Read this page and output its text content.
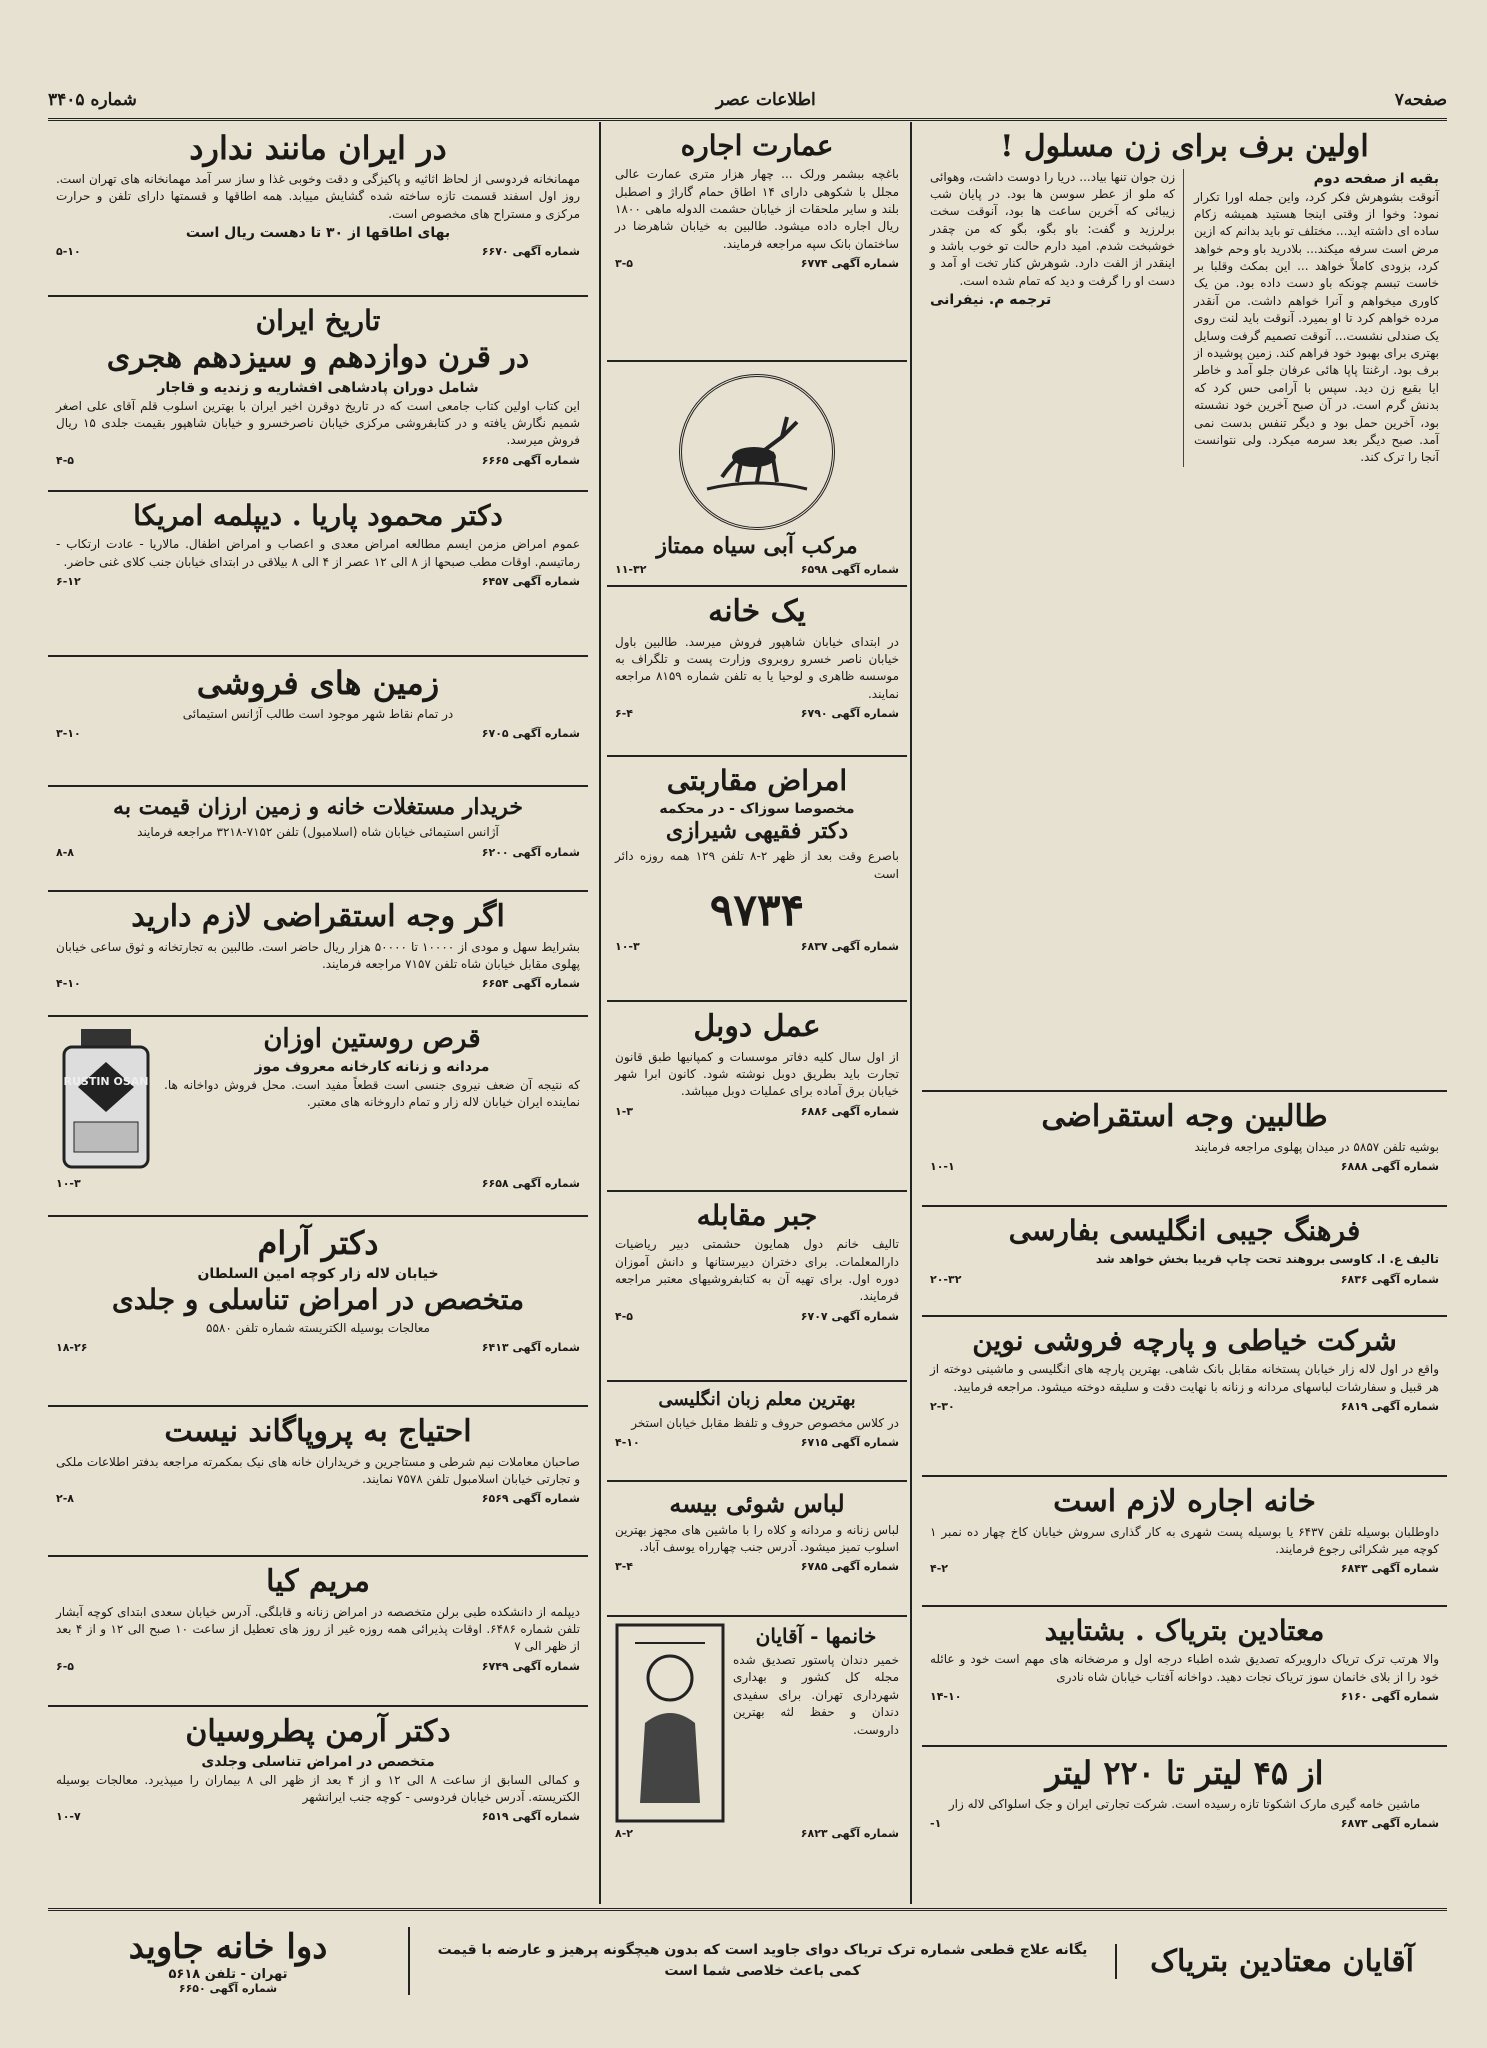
صفحه۷
اطلاعات عصر
شماره ۳۴۰۵
اولین برف برای زن مسلول !
بقیه از صفحه دوم

آنوقت بشوهرش فکر کرد، واین جمله اورا تکرار نمود: وخوا از وقتی اینجا هستید همیشه زکام ساده ای داشته اید... مختلف تو باید بدانم که ازین مرض است سرفه میکند... بلادرید باو وحم خواهد کرد، بزودی کاملاً خواهد ... این بمکث وقلبا بر خاست تبسم چونکه باو دست داده بود. من یک کاوری میخواهم و آنرا خواهم داشت. من آنقدر مرده خواهم کرد تا او بمیرد. آنوقت باید لنت روی یک صندلی نشست... آنوقت تصمیم گرفت وسایل بهتری برای بهبود خود فراهم کند. زمین پوشیده از برف بود. ارغنتا پاپا هائی عرفان جلو آمد و خاطر ایا بقیع زن دید. سپس با آرامی حس کرد که بدنش گرم است. در آن صبح آخرین خود نشسته بود، آخرین حمل بود و دیگر تنفس بدست نمی آمد. صبح دیگر بعد سرمه میکرد. ولی نتوانست آنجا را ترک کند.

زن جوان تنها بیاد... دریا را دوست داشت، وهوائی که ملو از عطر سوسن ها بود. در پایان شب زیبائی که آخرین ساعت ها بود، آنوقت سخت برلرزید و گفت: باو بگو، بگو که من چقدر خوشبخت شدم. امید دارم حالت تو خوب باشد و اینقدر از الفت دارد. شوهرش کنار تخت او آمد و دست او را گرفت و دید که تمام شده است.

ترجمه م. نیفرانی
طالبین وجه استقراضی

بوشیه تلفن ۵۸۵۷ در میدان پهلوی مراجعه فرمایند

شماره آگهی ۶۸۸۸
۱۰-۱
فرهنگ جیبی انگلیسی بفارسی

تالیف ع. ا. کاوسی بروهند تحت چاپ قریبا بخش خواهد شد

شماره آگهی ۶۸۳۶
۲۰-۳۲
شرکت خیاطی و پارچه فروشی نوین

واقع در اول لاله زار خیابان پستخانه مقابل بانک شاهی. بهترین پارچه های انگلیسی و ماشینی دوخته از هر قبیل و سفارشات لباسهای مردانه و زنانه با نهایت دقت و سلیقه دوخته میشود. مراجعه فرمایید.

شماره آگهی ۶۸۱۹
۲-۳۰
خانه اجاره لازم است

داوطلبان بوسیله تلفن ۶۴۳۷ یا بوسیله پست شهری به کار گذاری سروش خیابان کاخ چهار ده نمبر ۱ کوچه میر شکرائی رجوع فرمایند.

شماره آگهی ۶۸۴۳
۴-۲
معتادین بتریاک . بشتابید

والا هرتب ترک تریاک دارویرکه تصدیق شده اطباء درجه اول و مرضخانه های مهم است خود و عائله خود را از بلای خانمان سوز تریاک نجات دهید. دواخانه آفتاب خیابان شاه نادری

شماره آگهی ۶۱۶۰
۱۴-۱۰
از ۴۵ لیتر تا ۲۲۰ لیتر

ماشین خامه گیری مارک اشکوتا تازه رسیده است. شرکت تجارتی ایران و جک اسلواکی لاله زار

شماره آگهی ۶۸۷۳
۱-
عمارت اجاره

باغچه ببشمر ورلک ... چهار هزار متری عمارت عالی مجلل با شکوهی دارای ۱۴ اطاق حمام گاراژ و اصطبل بلند و سایر ملحقات از خیابان حشمت الدوله ماهی ۱۸۰۰ ریال اجاره داده میشود. طالبین به خیابان شاهرضا در ساختمان بانک سپه مراجعه فرمایند.

شماره آگهی ۶۷۷۴
۳-۵
مرکب آبی سیاه ممتاز
شماره آگهی ۶۵۹۸
۱۱-۳۲
یک خانه

در ابتدای خیابان شاهپور فروش میرسد. طالبین باول خیابان ناصر خسرو روبروی وزارت پست و تلگراف به موسسه ظاهری و لوحیا یا به تلفن شماره ۸۱۵۹ مراجعه نمایند.

شماره آگهی ۶۷۹۰
۶-۴
امراض مقاربتی
مخصوصا سوزاک - در محکمه
دکتر فقیهی شیرازی

باصرع وقت بعد از ظهر ۲-۸ تلفن ۱۲۹ همه روزه دائر است

۹۷۳۴
شماره آگهی ۶۸۳۷
۱۰-۳
عمل دوبل

از اول سال کلیه دفاتر موسسات و کمپانیها طبق قانون تجارت باید بطریق دوبل نوشته شود. کانون ابرا شهر خیابان برق آماده برای عملیات دوبل میباشد.

شماره آگهی ۶۸۸۶
۱-۳
جبر مقابله

تالیف خانم دول همایون حشمتی دبیر ریاضیات دارالمعلمات. برای دختران دبیرستانها و دانش آموزان دوره اول. برای تهیه آن به کتابفروشیهای معتبر مراجعه فرمایند.

شماره آگهی ۶۷۰۷
۴-۵
بهترین معلم زبان انگلیسی

در کلاس مخصوص حروف و تلفظ مقابل خیابان استخر

شماره آگهی ۶۷۱۵
۴-۱۰
لباس شوئی بیسه

لباس زنانه و مردانه و کلاه را با ماشین های مجهز بهترین اسلوب تمیز میشود. آدرس جنب چهارراه یوسف آباد.

شماره آگهی ۶۷۸۵
۳-۴
خانمها - آقایان

خمیر دندان پاستور تصدیق شده مجله کل کشور و بهداری شهرداری تهران. برای سفیدی دندان و حفظ لثه بهترین داروست.

شماره آگهی ۶۸۲۳
۸-۲
در ایران مانند ندارد

مهمانخانه فردوسی از لحاظ اثاثیه و پاکیزگی و دقت وخوبی غذا و ساز سر آمد مهمانخانه های تهران است. روز اول اسفند قسمت تازه ساخته شده گشایش مییابد. همه اطاقها و قسمتها دارای تلفن و حرارت مرکزی و مستراح های مخصوص است.

بهای اطاقها از ۳۰ تا دهست ریال است
شماره آگهی ۶۶۷۰
۵-۱۰
تاریخ ایران
در قرن دوازدهم و سیزدهم هجری
شامل دوران پادشاهی افشاریه و زندیه و قاجار

این کتاب اولین کتاب جامعی است که در تاریخ دوقرن اخیر ایران با بهترین اسلوب قلم آقای علی اصغر شمیم نگارش یافته و در کتابفروشی مرکزی خیابان ناصرخسرو و خیابان شاهپور بقیمت جلدی ۱۵ ریال فروش میرسد.

شماره آگهی ۶۶۶۵
۴-۵
دکتر محمود پاریا . دیپلمه امریکا

عموم امراض مزمن ایسم مطالعه امراض معدی و اعصاب و امراض اطفال. مالاریا - عادت ارتکاب - رماتیسم. اوقات مطب صبحها از ۸ الی ۱۲ عصر از ۴ الی ۸ بیلاقی در ابتدای خیابان جنب کلای غنی حاضر.

شماره آگهی ۶۴۵۷
۶-۱۲
زمین های فروشی

در تمام نقاط شهر موجود است طالب آژانس استیمائی

شماره آگهی ۶۷۰۵
۳-۱۰
خریدار مستغلات خانه و زمین ارزان قیمت به

آژانس استیمائی خیابان شاه (اسلامبول) تلفن ۷۱۵۲-۳۲۱۸ مراجعه فرمایند

شماره آگهی ۶۲۰۰
۸-۸
اگر وجه استقراضی لازم دارید

بشرایط سهل و مودی از ۱۰۰۰۰ تا ۵۰۰۰۰ هزار ریال حاضر است. طالبین به تجارتخانه و ثوق ساعی خیابان پهلوی مقابل خیابان شاه تلفن ۷۱۵۷ مراجعه فرمایند.

شماره آگهی ۶۶۵۴
۴-۱۰
RUSTIN OSAN
قرص روستین اوزان
مردانه و زنانه کارخانه معروف موز

که نتیجه آن ضعف نیروی جنسی است قطعاً مفید است. محل فروش دواخانه ها. نماینده ایران خیابان لاله زار و تمام داروخانه های معتبر.

شماره آگهی ۶۶۵۸
۱۰-۳
دکتر آرام
خیابان لاله زار کوچه امین السلطان
متخصص در امراض تناسلی و جلدی

معالجات بوسیله الکتریسته شماره تلفن ۵۵۸۰

شماره آگهی ۶۴۱۳
۱۸-۲۶
احتیاج به پروپاگاند نیست

صاحبان معاملات نیم شرطی و مستاجرین و خریداران خانه های نیک بمکمرته مراجعه بدفتر اطلاعات ملکی و تجارتی خیابان اسلامبول تلفن ۷۵۷۸ نمایند.

شماره آگهی ۶۵۶۹
۲-۸
مریم کیا

دیپلمه از دانشکده طبی برلن متخصصه در امراض زنانه و قابلگی. آدرس خیابان سعدی ابتدای کوچه آبشار تلفن شماره ۶۴۸۶. اوقات پذیرائی همه روزه غیر از روز های تعطیل از ساعت ۱۰ صبح الی ۱۲ و از ۴ بعد از ظهر الی ۷

شماره آگهی ۶۷۴۹
۶-۵
دکتر آرمن پطروسیان
متخصص در امراض تناسلی وجلدی

و کمالی السابق از ساعت ۸ الی ۱۲ و از ۴ بعد از ظهر الی ۸ بیماران را میپذیرد. معالجات بوسیله الکتریسته. آدرس خیابان فردوسی - کوچه جنب ایرانشهر

شماره آگهی ۶۵۱۹
۱۰-۷
آقایان معتادین بتریاک
یگانه علاج قطعی شماره ترک تریاک دوای جاوید است که بدون هیچگونه پرهیز و عارضه با قیمت کمی باعث خلاصی شما است
دوا خانه جاوید
تهران - تلفن ۵۶۱۸
شماره آگهی ۶۶۵۰
